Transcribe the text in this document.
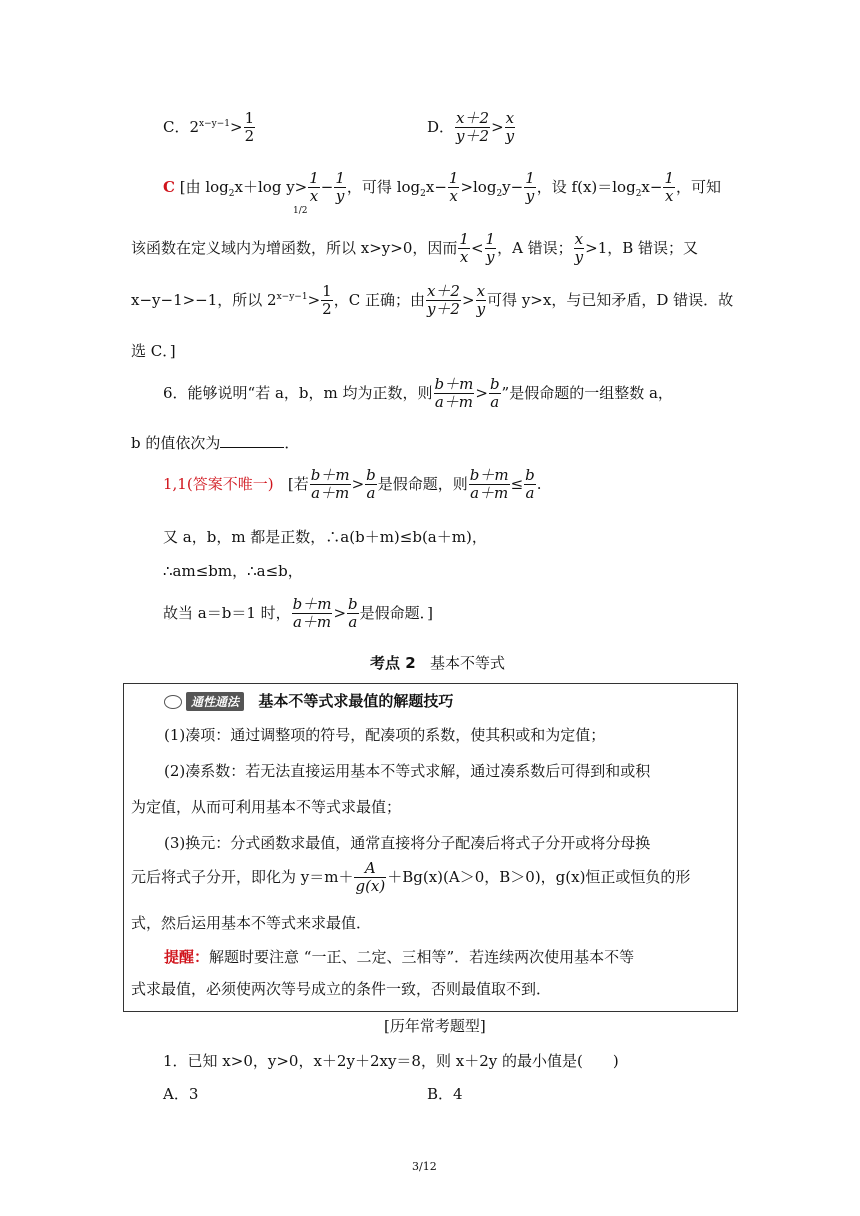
C．$2^{x-y-1}> \frac{1}{2}$	D． $\frac{x+2}{y+2} > \frac{x}{y}$
C [由 $\log_2x+\log$ $y> \frac{1}{x} - \frac{1}{y}$ ，可得 $\log_2x- \frac{1}{x} >\log_2y- \frac{1}{y}$ ，设 $f(x)=\log_2x- \frac{1}{x}$ ，可知
1/2
该函数在定义域内为增函数，所以 x>y>0，因而 $\frac{1}{x} < \frac{1}{y}$ ，A 错误； $\frac{x}{y} >1$，B 错误；又
x−y−1>−1，所以 $2^{x-y-1}> \frac{1}{2}$ ，C 正确；由 $\frac{x+2}{y+2} > \frac{x}{y}$ 可得 y>x，与已知矛盾，D 错误．故
选 C．]
6．能够说明“若 a，b，m 均为正数，则 $\frac{b+m}{a+m} > \frac{b}{a}$ ”是假命题的一组整数 a，
b 的值依次为	．
1,1(答案不唯一) [若 $\frac{b+m}{a+m} > \frac{b}{a}$ 是假命题，则 $\frac{b+m}{a+m} \le \frac{b}{a}$ .
又 a，b，m 都是正数，∴a(b＋m)≤b(a＋m)，
∴am≤bm，∴a≤b，
故当 a＝b＝1 时， $\frac{b+m}{a+m} > \frac{b}{a}$ 是假命题．]
考点 2 基本不等式
通性通法 基本不等式求最值的解题技巧
(1)凑项：通过调整项的符号，配凑项的系数，使其积或和为定值；
(2)凑系数：若无法直接运用基本不等式求解，通过凑系数后可得到和或积
为定值，从而可利用基本不等式求最值；
(3)换元：分式函数求最值，通常直接将分子配凑后将式子分开或将分母换
元后将式子分开，即化为 $y=m+ \frac{A}{g(x)} +Bg(x)(A>0$，B＞0)，g(x)恒正或恒负的形
式，然后运用基本不等式来求最值．
提醒：解题时要注意 “一正、二定、三相等”．若连续两次使用基本不等
式求最值，必须使两次等号成立的条件一致，否则最值取不到．
[历年常考题型]
1．已知 x>0，y>0，x＋2y＋2xy＝8，则 x＋2y 的最小值是(　　)
A．3	B．4
3/12
